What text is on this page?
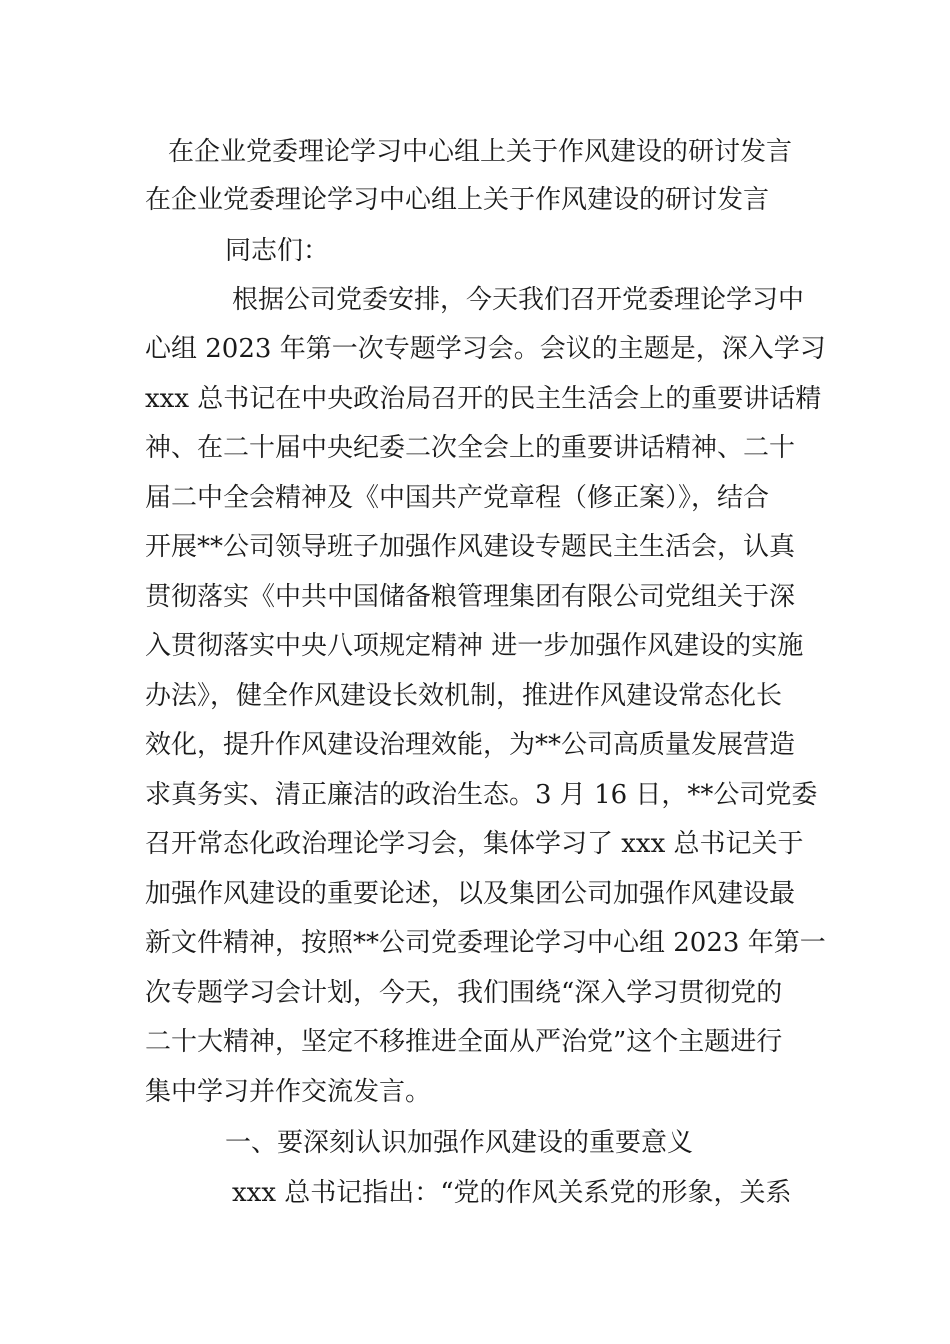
在企业党委理论学习中心组上关于作风建设的研讨发言
在企业党委理论学习中心组上关于作风建设的研讨发言
同志们：
根据公司党委安排，今天我们召开党委理论学习中
心组 2023 年第一次专题学习会。会议的主题是，深入学习
xxx 总书记在中央政治局召开的民主生活会上的重要讲话精
神、在二十届中央纪委二次全会上的重要讲话精神、二十
届二中全会精神及《中国共产党章程（修正案）》，结合
开展**公司领导班子加强作风建设专题民主生活会，认真
贯彻落实《中共中国储备粮管理集团有限公司党组关于深
入贯彻落实中央八项规定精神 进一步加强作风建设的实施
办法》，健全作风建设长效机制，推进作风建设常态化长
效化，提升作风建设治理效能，为**公司高质量发展营造
求真务实、清正廉洁的政治生态。3 月 16 日，**公司党委
召开常态化政治理论学习会，集体学习了 xxx 总书记关于
加强作风建设的重要论述，以及集团公司加强作风建设最
新文件精神，按照**公司党委理论学习中心组 2023 年第一
次专题学习会计划，今天，我们围绕“深入学习贯彻党的
二十大精神，坚定不移推进全面从严治党”这个主题进行
集中学习并作交流发言。
一、要深刻认识加强作风建设的重要意义
xxx 总书记指出：“党的作风关系党的形象，关系
